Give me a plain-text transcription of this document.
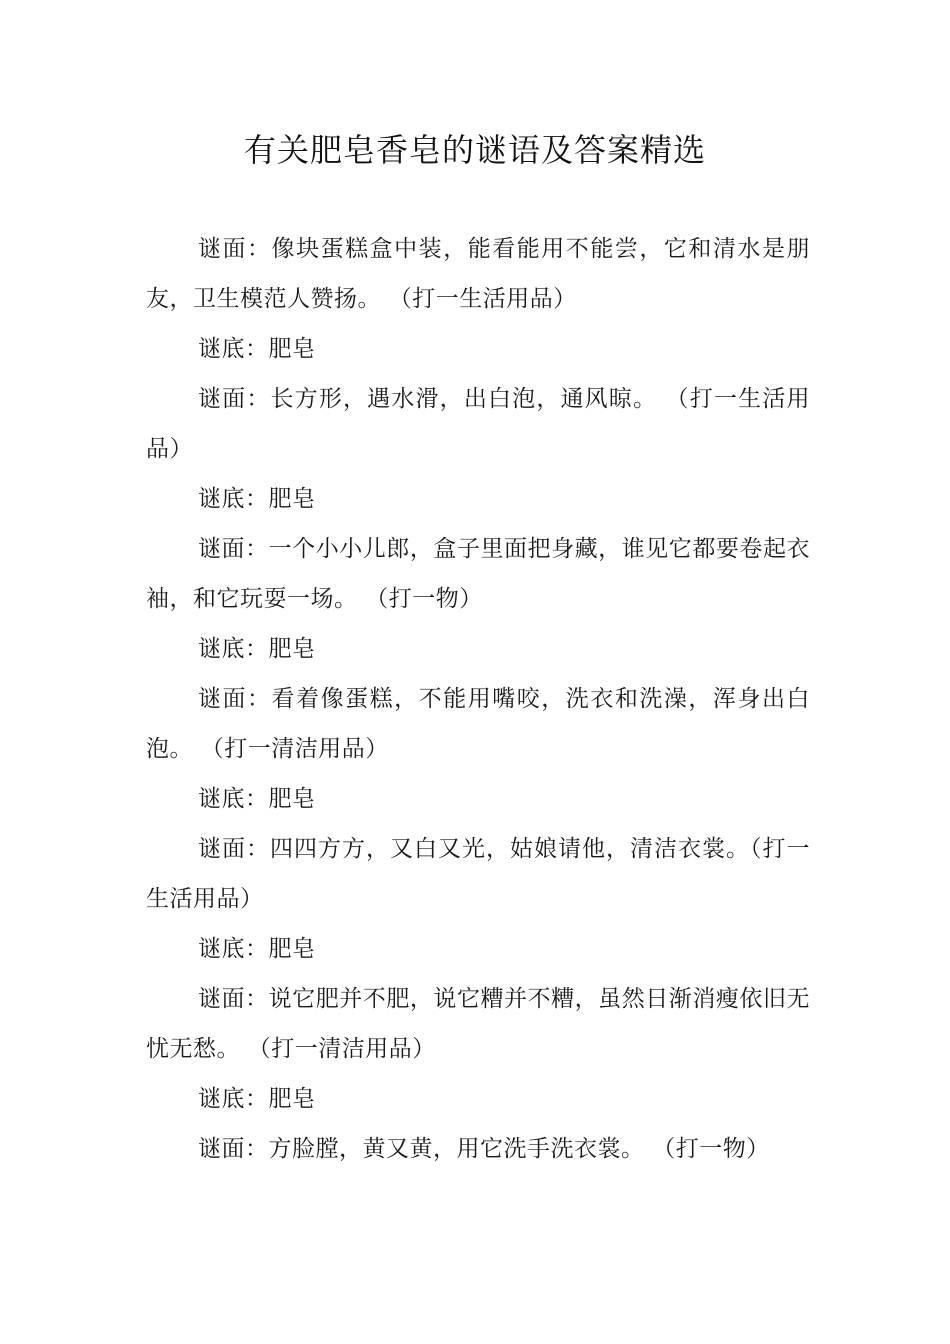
有关肥皂香皂的谜语及答案精选

谜面：像块蛋糕盒中装，能看能用不能尝，它和清水是朋友，卫生模范人赞扬。 （打一生活用品）

谜底：肥皂

谜面：长方形，遇水滑，出白泡，通风晾。 （打一生活用品）

谜底：肥皂

谜面：一个小小儿郎，盒子里面把身藏，谁见它都要卷起衣袖，和它玩耍一场。 （打一物）

谜底：肥皂

谜面：看着像蛋糕，不能用嘴咬，洗衣和洗澡，浑身出白泡。 （打一清洁用品）

谜底：肥皂

谜面：四四方方，又白又光，姑娘请他，清洁衣裳。（打一生活用品）

谜底：肥皂

谜面：说它肥并不肥，说它糟并不糟，虽然日渐消瘦依旧无忧无愁。 （打一清洁用品）

谜底：肥皂

谜面：方脸膛，黄又黄，用它洗手洗衣裳。 （打一物）
